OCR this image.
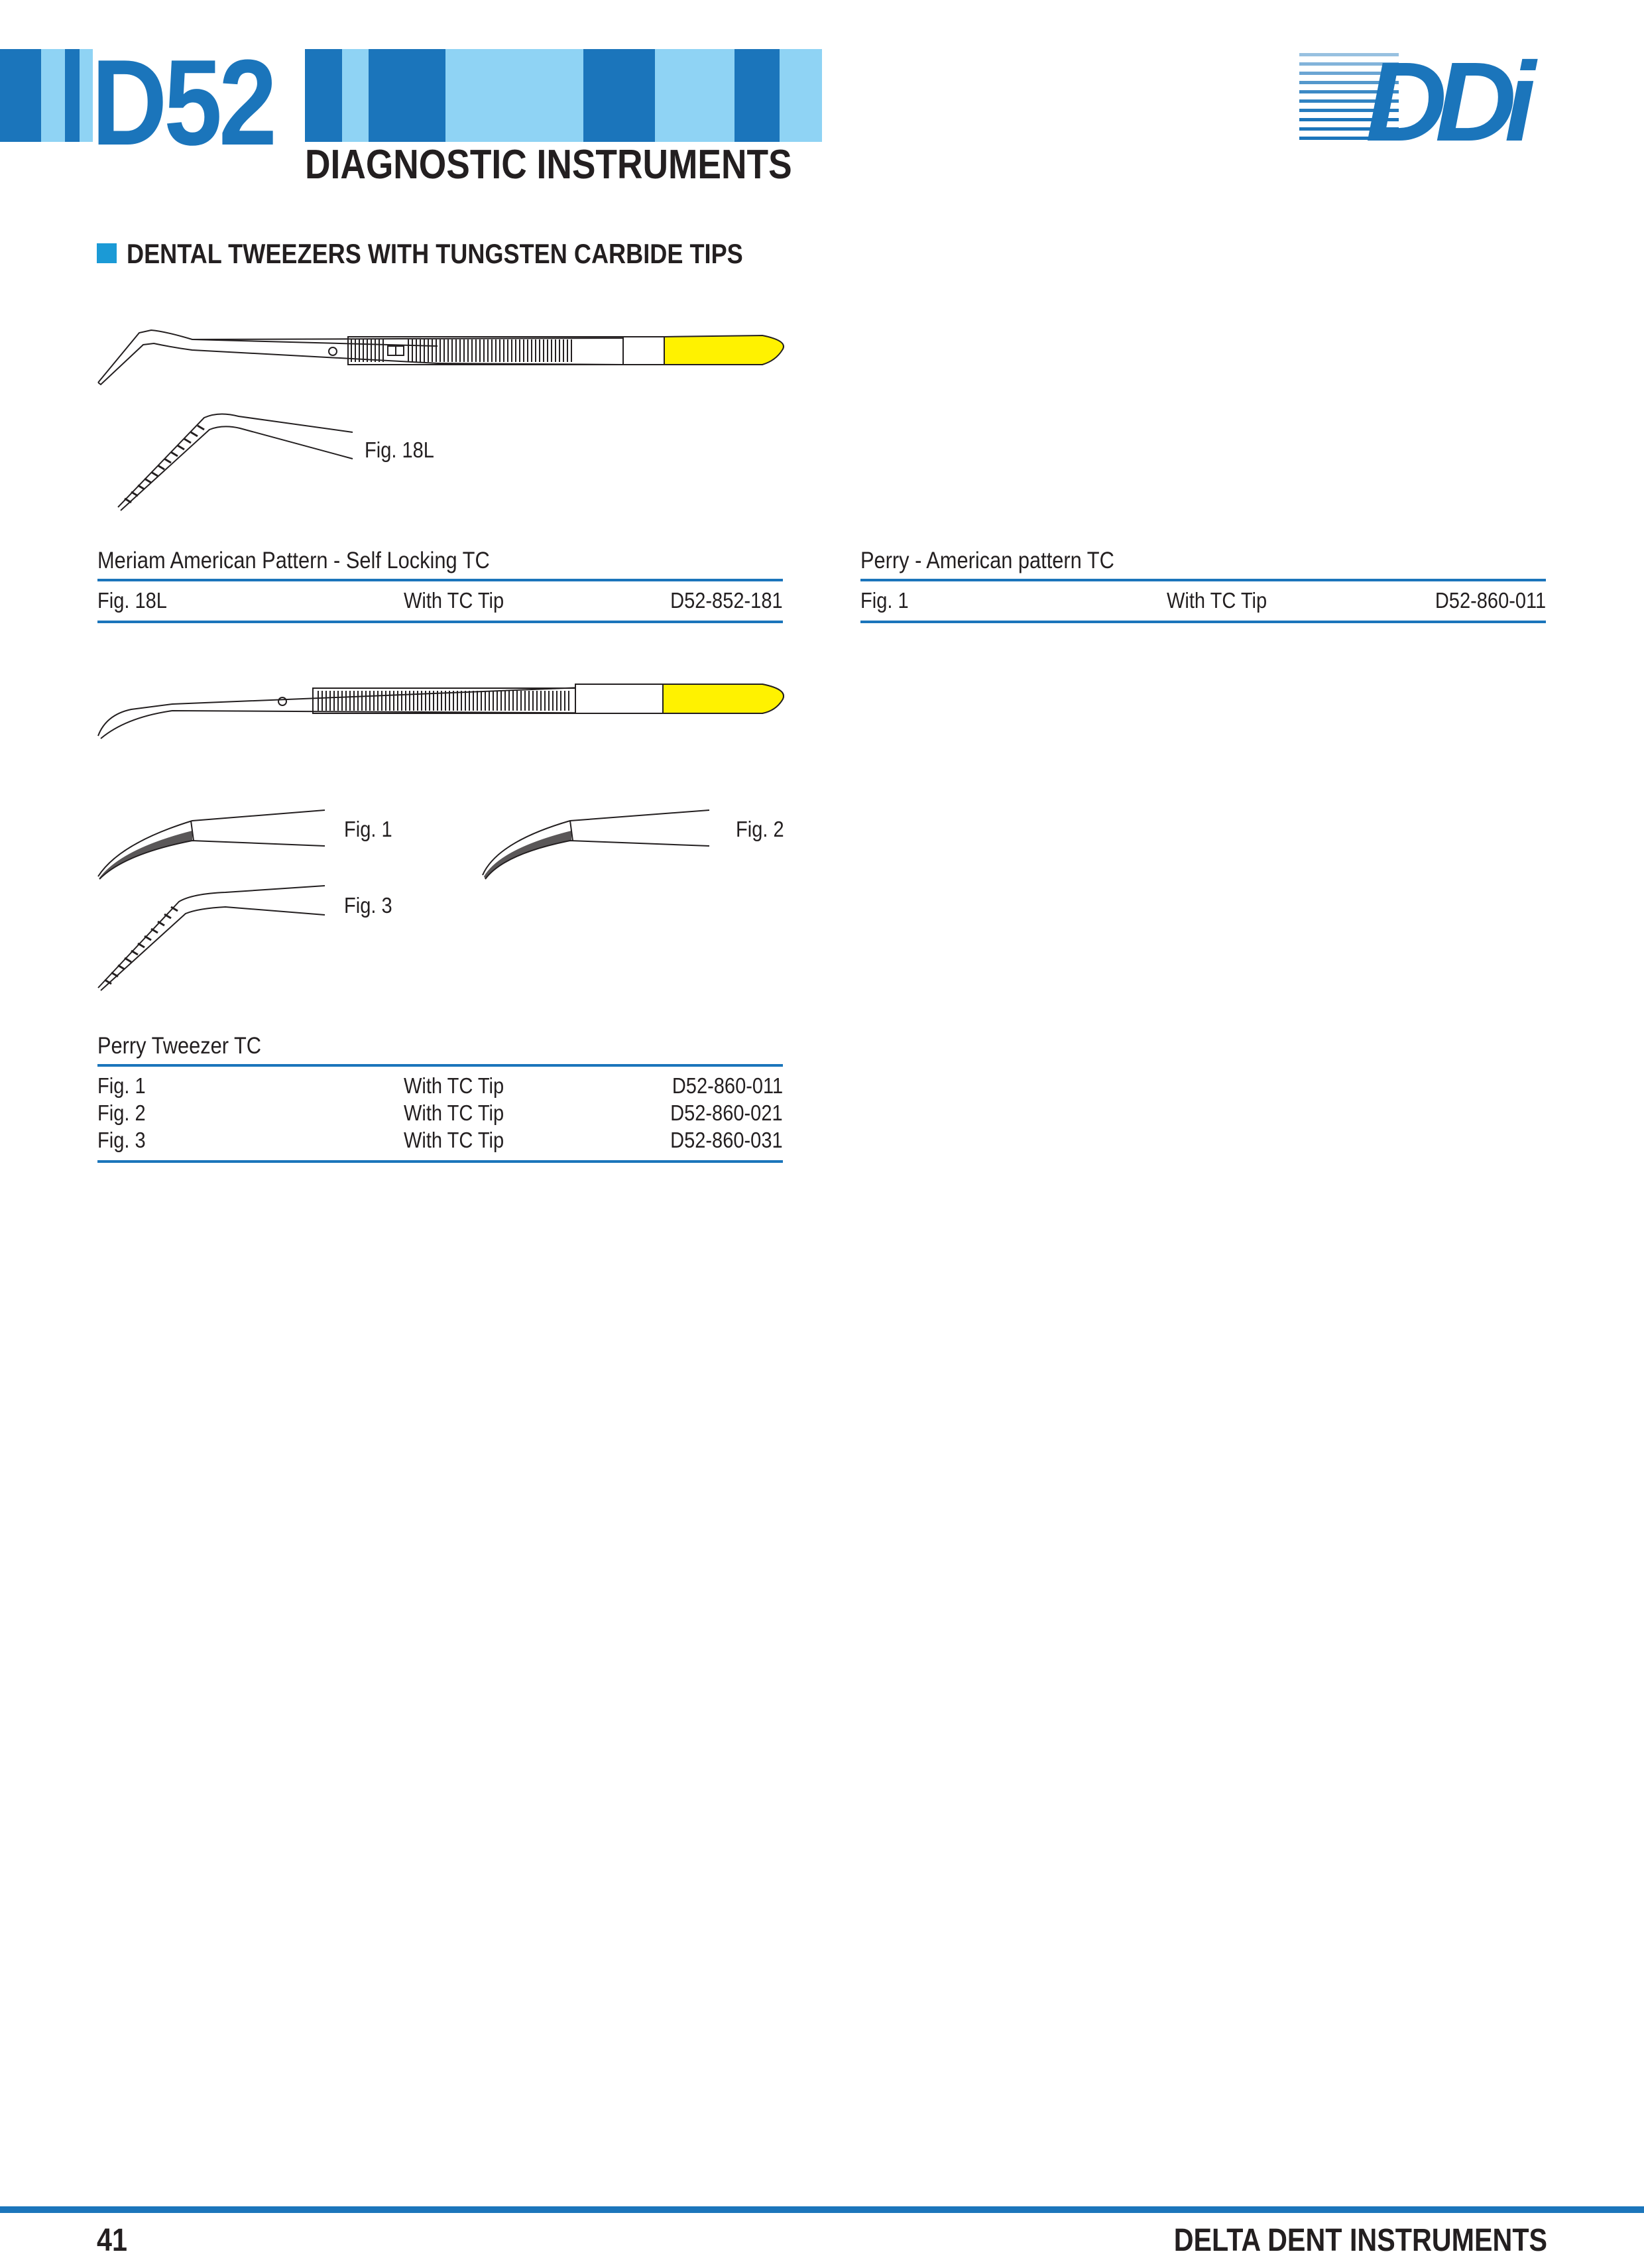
D52 DIAGNOSTIC INSTRUMENTS	DDi
DENTAL TWEEZERS WITH TUNGSTEN CARBIDE TIPS
Fig. 18L
Meriam American Pattern - Self Locking TC
Fig. 18L	With TC Tip	D52-852-181
Perry - American pattern TC
Fig. 1	With TC Tip	D52-860-011
Fig. 1	Fig. 2
Fig. 3
Perry Tweezer TC
Fig. 1	With TC Tip	D52-860-011
Fig. 2	With TC Tip	D52-860-021
Fig. 3	With TC Tip	D52-860-031
41	DELTA DENT INSTRUMENTS
